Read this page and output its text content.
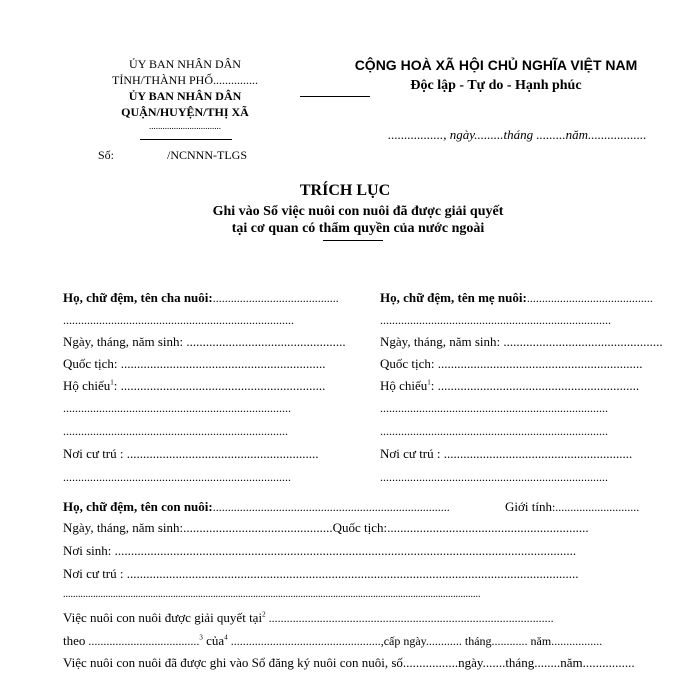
ỦY BAN NHÂN DÂN
TỈNH/THÀNH PHỐ...............
ỦY BAN NHÂN DÂN
QUẬN/HUYỆN/THỊ XÃ
................................
Số:	/NCNNN-TLGS
CỘNG HOÀ XÃ HỘI CHỦ NGHĨA VIỆT NAM
Độc lập - Tự do - Hạnh phúc
................., ngày.........tháng .........năm..................
TRÍCH LỤC
Ghi vào Sổ việc nuôi con nuôi đã được giải quyết
tại cơ quan có thẩm quyền của nước ngoài
Họ, chữ đệm, tên cha nuôi:..........................................
.............................................................................
Ngày, tháng, năm sinh: .................................................
Quốc tịch: ...............................................................
Hộ chiếu$^1$: ...............................................................
............................................................................
...........................................................................
Nơi cư trú : ...........................................................
............................................................................
Họ, chữ đệm, tên mẹ nuôi:..........................................
.............................................................................
Ngày, tháng, năm sinh: .................................................
Quốc tịch: ...............................................................
Hộ chiếu$^1$: ..............................................................
............................................................................
............................................................................
Nơi cư trú : ..........................................................
............................................................................
Họ, chữ đệm, tên con nuôi:...............................................................................	Giới tính:............................
Ngày, tháng, năm sinh:..............................................Quốc tịch:..............................................................
Nơi sinh: ..............................................................................................................................................
Nơi cư trú : ...........................................................................................................................................
.......................................................................................................................................................................
Việc nuôi con nuôi được giải quyết tại$^2$ ...............................................................................................
theo .....................................$^3$ của$^4$ ..................................................,cấp ngày............ tháng............ năm.................
Việc nuôi con nuôi đã được ghi vào Sổ đăng ký nuôi con nuôi, số.................ngày.......tháng........năm................
